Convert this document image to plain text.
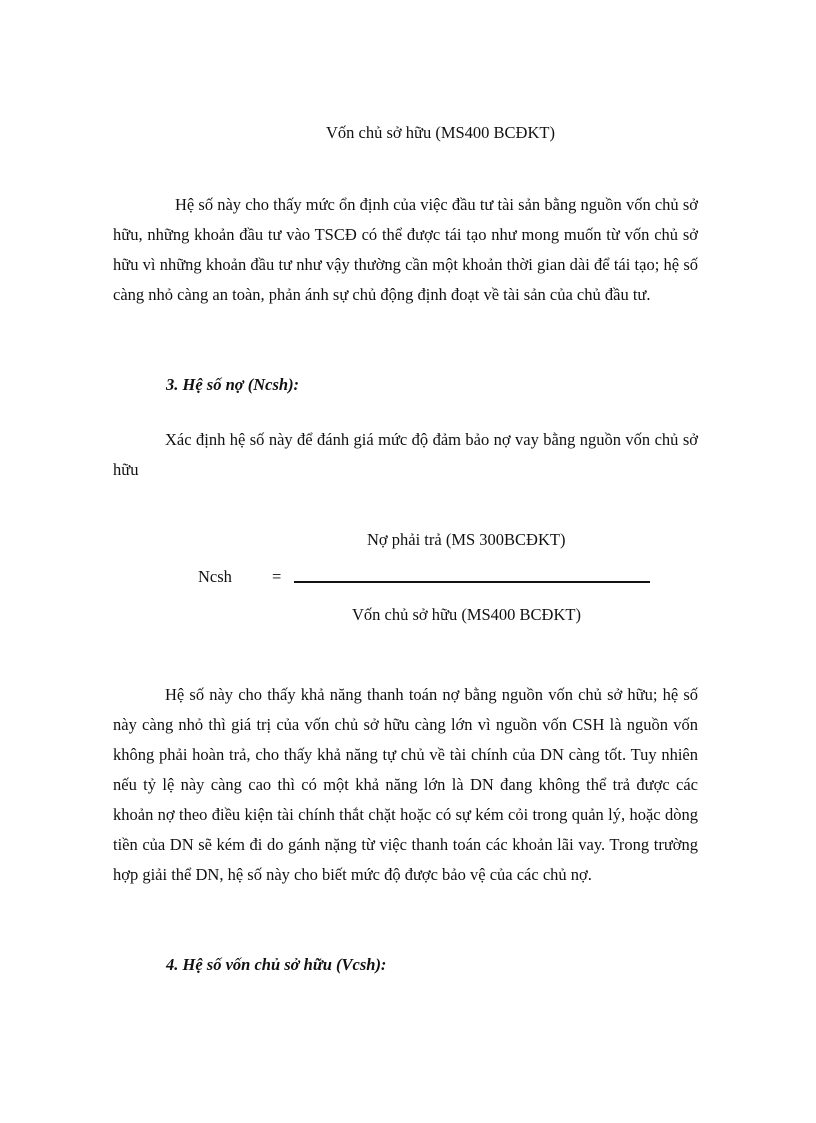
Vốn chủ sở hữu (MS400 BCĐKT)

Hệ số này cho thấy mức ổn định của việc đầu tư tài sản bằng nguồn vốn chủ sở hữu, những khoản đầu tư vào TSCĐ có thể được tái tạo như mong muốn từ vốn chủ sở hữu vì những khoản đầu tư như vậy thường cần một khoản thời gian dài để tái tạo; hệ số càng nhỏ càng an toàn, phản ánh sự chủ động định đoạt về tài sản của chủ đầu tư.

3. Hệ số nợ (Ncsh):

Xác định hệ số này để đánh giá mức độ đảm bảo nợ vay bằng nguồn vốn chủ sở hữu

Nợ phải trả (MS 300BCĐKT)

Ncsh =

Vốn chủ sở hữu (MS400 BCĐKT)

Hệ số này cho thấy khả năng thanh toán nợ bằng nguồn vốn chủ sở hữu; hệ số này càng nhỏ thì giá trị của vốn chủ sở hữu càng lớn vì nguồn vốn CSH là nguồn vốn không phải hoàn trả, cho thấy khả năng tự chủ về tài chính của DN càng tốt. Tuy nhiên nếu tỷ lệ này càng cao thì có một khả năng lớn là DN đang không thể trả được các khoản nợ theo điều kiện tài chính thắt chặt hoặc có sự kém cỏi trong quản lý, hoặc dòng tiền của DN sẽ kém đi do gánh nặng từ việc thanh toán các khoản lãi vay. Trong trường hợp giải thể DN, hệ số này cho biết mức độ được bảo vệ của các chủ nợ.

4. Hệ số vốn chủ sở hữu (Vcsh):
